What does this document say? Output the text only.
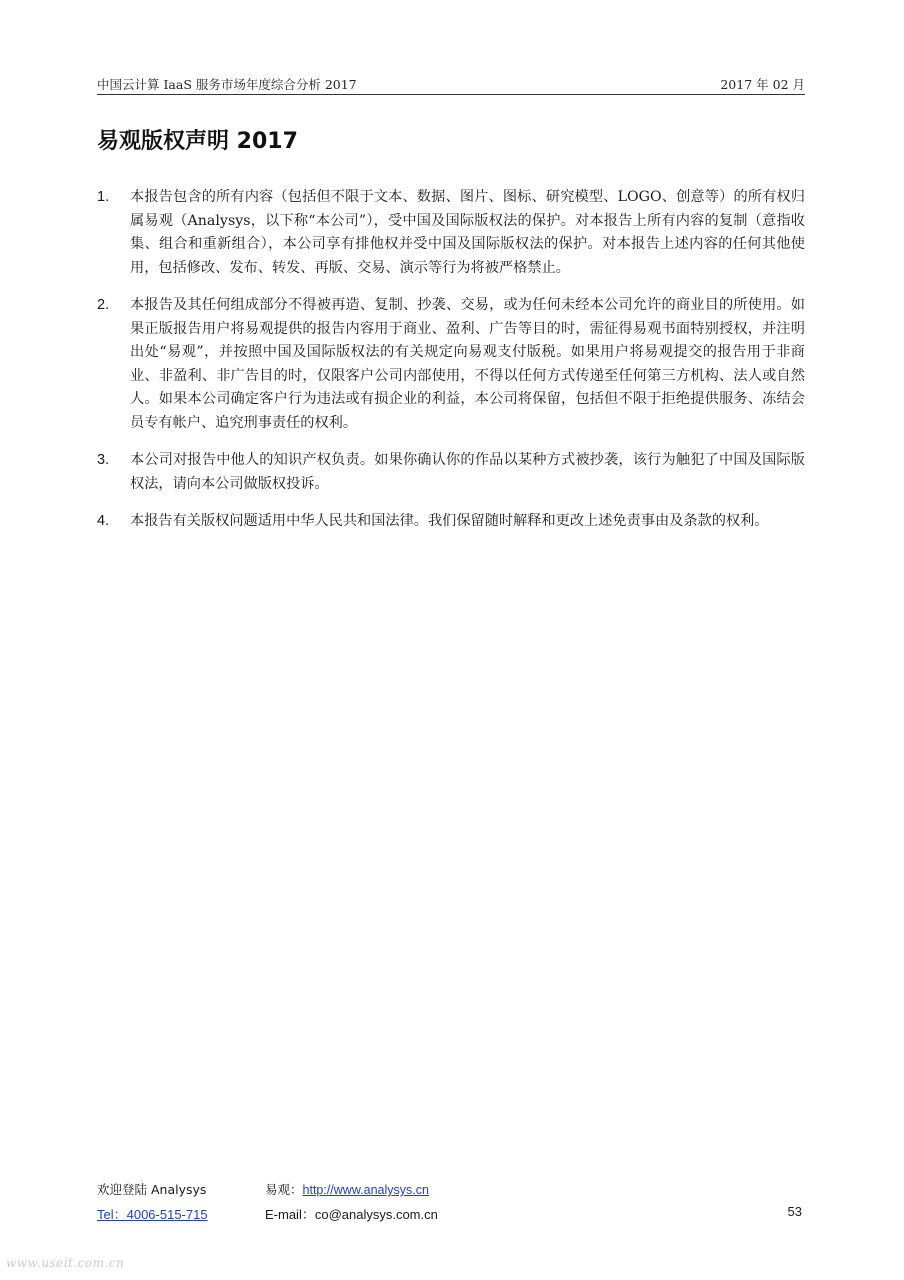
中国云计算 IaaS 服务市场年度综合分析 2017	2017 年 02 月
易观版权声明 2017
1. 本报告包含的所有内容（包括但不限于文本、数据、图片、图标、研究模型、LOGO、创意等）的所有权归属易观（Analysys，以下称“本公司”），受中国及国际版权法的保护。对本报告上所有内容的复制（意指收集、组合和重新组合），本公司享有排他权并受中国及国际版权法的保护。对本报告上述内容的任何其他使用，包括修改、发布、转发、再版、交易、演示等行为将被严格禁止。
2. 本报告及其任何组成部分不得被再造、复制、抄袭、交易，或为任何未经本公司允许的商业目的所使用。如果正版报告用户将易观提供的报告内容用于商业、盈利、广告等目的时，需征得易观书面特别授权，并注明出处“易观”，并按照中国及国际版权法的有关规定向易观支付版税。如果用户将易观提交的报告用于非商业、非盈利、非广告目的时，仅限客户公司内部使用，不得以任何方式传递至任何第三方机构、法人或自然人。如果本公司确定客户行为违法或有损企业的利益，本公司将保留，包括但不限于拒绝提供服务、冻结会员专有帐户、追究刑事责任的权利。
3. 本公司对报告中他人的知识产权负责。如果你确认你的作品以某种方式被抄袭，该行为触犯了中国及国际版权法，请向本公司做版权投诉。
4. 本报告有关版权问题适用中华人民共和国法律。我们保留随时解释和更改上述免责事由及条款的权利。
欢迎登陆 Analysys	易观：http://www.analysys.cn
Tel：4006-515-715	E-mail：co@analysys.com.cn	53
www.useit.com.cn
